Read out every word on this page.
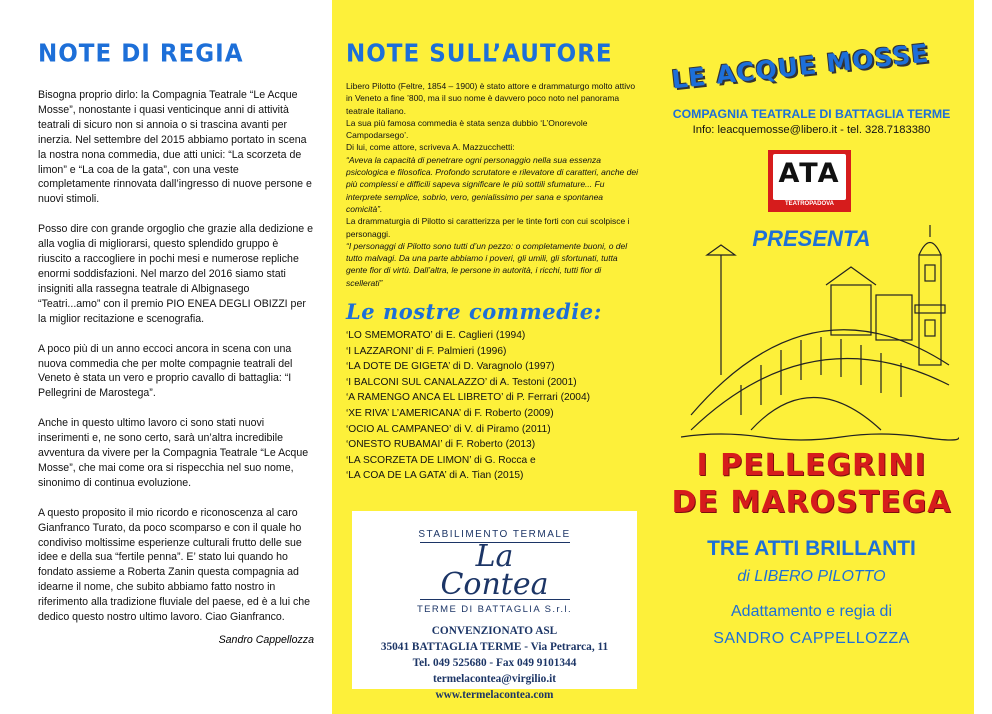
NOTE DI REGIA

Bisogna proprio dirlo: la Compagnia Teatrale “Le Acque Mosse”, nonostante i quasi venticinque anni di attività teatrali di sicuro non si annoia o si trascina avanti per inerzia. Nel settembre del 2015 abbiamo portato in scena la nostra nona commedia, due atti unici: “La scorzeta de limon” e “La coa de la gata”, con una veste completamente rinnovata dall’ingresso di nuove persone e nuovi stimoli.

Posso dire con grande orgoglio che grazie alla dedizione e alla voglia di migliorarsi, questo splendido gruppo è riuscito a raccogliere in pochi mesi e numerose repliche enormi soddisfazioni. Nel marzo del 2016 siamo stati insigniti alla rassegna teatrale di Albignasego “Teatri...amo” con il premio PIO ENEA DEGLI OBIZZI per la miglior recitazione e scenografia.

A poco più di un anno eccoci ancora in scena con una nuova commedia che per molte compagnie teatrali del Veneto è stata un vero e proprio cavallo di battaglia: “I Pellegrini de Marostega”.

Anche in questo ultimo lavoro ci sono stati nuovi inserimenti e, ne sono certo, sarà un’altra incredibile avventura da vivere per la Compagnia Teatrale “Le Acque Mosse”, che mai come ora si rispecchia nel suo nome, sinonimo di continua evoluzione.

A questo proposito il mio ricordo e riconoscenza al caro Gianfranco Turato, da poco scomparso e con il quale ho condiviso moltissime esperienze culturali frutto delle sue idee e della sua “fertile penna”. E’ stato lui quando ho fondato assieme a Roberta Zanin questa compagnia ad idearne il nome, che subito abbiamo fatto nostro in riferimento alla tradizione fluviale del paese, ed è a lui che dedico questo nostro ultimo lavoro. Ciao Gianfranco.

Sandro Cappellozza
NOTE SULL’AUTORE

Libero Pilotto (Feltre, 1854 – 1900) è stato attore e drammaturgo molto attivo in Veneto a fine ’800, ma il suo nome è davvero poco noto nel panorama teatrale italiano.

La sua più famosa commedia è stata senza dubbio ‘L’Onorevole Campodarsego’.

Di lui, come attore, scriveva A. Mazzucchetti:

“Aveva la capacità di penetrare ogni personaggio nella sua essenza psicologica e filosofica. Profondo scrutatore e rilevatore di caratteri, anche dei più complessi e difficili sapeva significare le più sottili sfumature... Fu interprete semplice, sobrio, vero, genialissimo per sana e spontanea comicità”.

La drammaturgia di Pilotto si caratterizza per le tinte forti con cui scolpisce i personaggi.

“I personaggi di Pilotto sono tutti d’un pezzo: o completamente buoni, o del tutto malvagi. Da una parte abbiamo i poveri, gli umili, gli sfortunati, tutta gente fior di virtù. Dall’altra, le persone in autorità, i ricchi, tutti fior di scellerati”

Le nostre commedie:
‘LO SMEMORATO’ di E. Caglieri (1994)
‘I LAZZARONI’ di F. Palmieri (1996)
‘LA DOTE DE GIGETA’ di D. Varagnolo (1997)
‘I BALCONI SUL CANALAZZO’ di A. Testoni (2001)
‘A RAMENGO ANCA EL LIBRETO’ di P. Ferrari (2004)
‘XE RIVA’ L’AMERICANA’ di F. Roberto (2009)
‘OCIO AL CAMPANEO’ di V. di Piramo (2011)
‘ONESTO RUBAMAI’ di F. Roberto (2013)
‘LA SCORZETA DE LIMON’ di G. Rocca e
‘LA COA DE LA GATA’ di A. Tian (2015)
STABILIMENTO TERMALE
La Contea
TERME DI BATTAGLIA S.r.l.
CONVENZIONATO ASL
35041 BATTAGLIA TERME - Via Petrarca, 11
Tel. 049 525680 - Fax 049 9101344
termelacontea@virgilio.it
www.termelacontea.com
LE ACQUE MOSSE
COMPAGNIA TEATRALE DI BATTAGLIA TERME
Info: leacquemosse@libero.it - tel. 328.7183380
ATA
TEATROPADOVA
PRESENTA
I PELLEGRINI
DE MAROSTEGA
TRE ATTI BRILLANTI
di LIBERO PILOTTO
Adattamento e regia di
SANDRO CAPPELLOZZA
